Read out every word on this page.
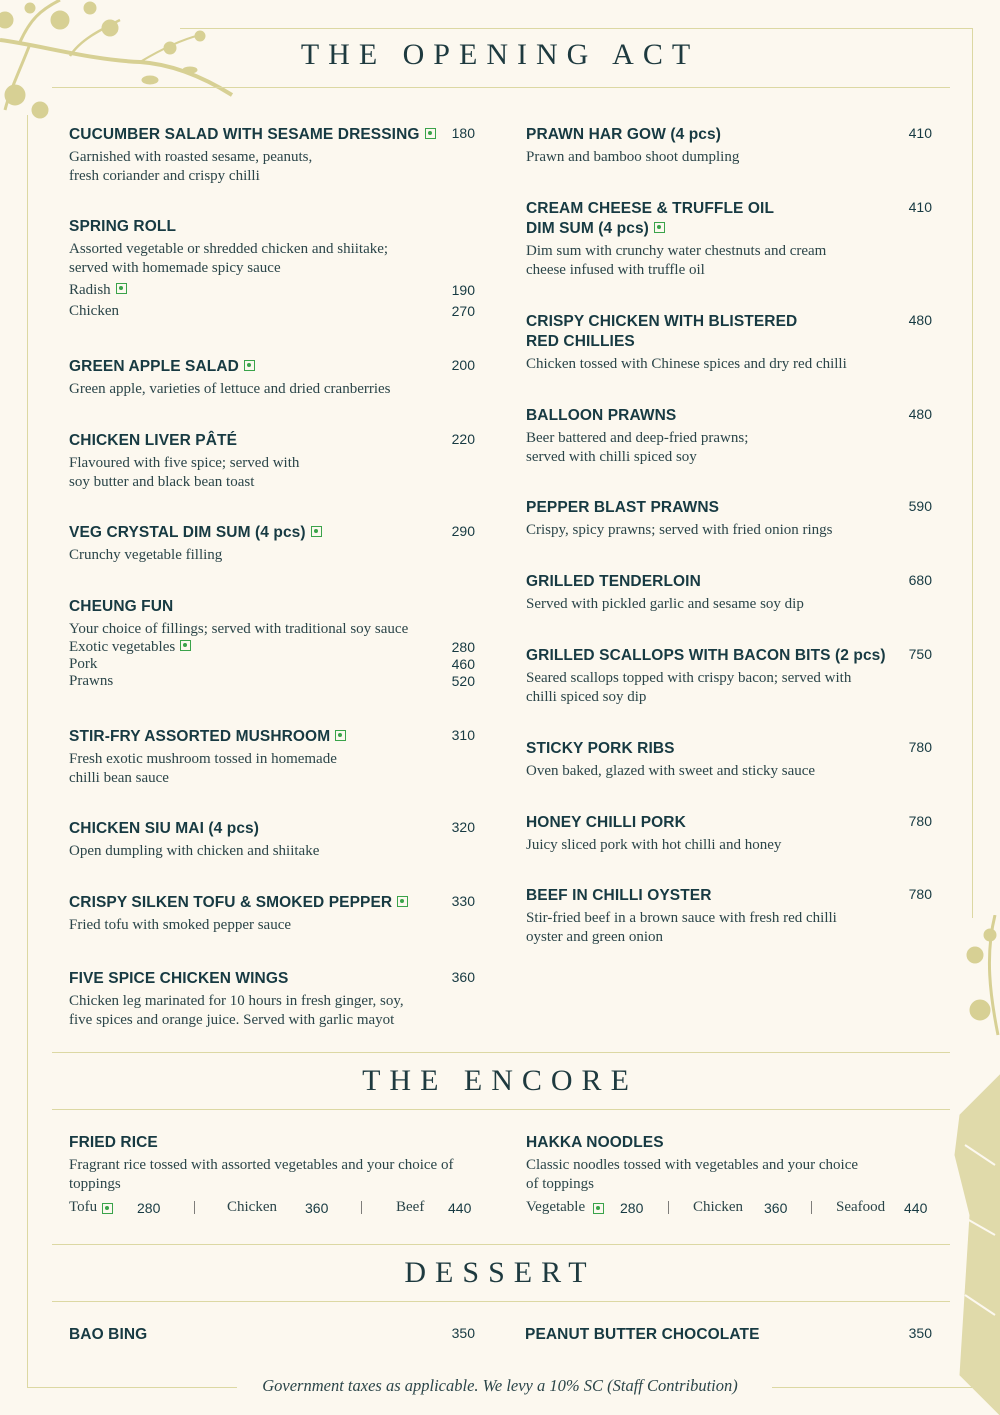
THE OPENING ACT
CUCUMBER SALAD WITH SESAME DRESSING	180
Garnished with roasted sesame, peanuts,
fresh coriander and crispy chilli
SPRING ROLL
Assorted vegetable or shredded chicken and shiitake;
served with homemade spicy sauce
Radish	190
Chicken	270
GREEN APPLE SALAD	200
Green apple, varieties of lettuce and dried cranberries
CHICKEN LIVER PÂTÉ	220
Flavoured with five spice; served with
soy butter and black bean toast
VEG CRYSTAL DIM SUM (4 pcs)	290
Crunchy vegetable filling
CHEUNG FUN
Your choice of fillings; served with traditional soy sauce
Exotic vegetables	280
Pork	460
Prawns	520
STIR-FRY ASSORTED MUSHROOM	310
Fresh exotic mushroom tossed in homemade
chilli bean sauce
CHICKEN SIU MAI (4 pcs)	320
Open dumpling with chicken and shiitake
CRISPY SILKEN TOFU & SMOKED PEPPER	330
Fried tofu with smoked pepper sauce
FIVE SPICE CHICKEN WINGS	360
Chicken leg marinated for 10 hours in fresh ginger, soy,
five spices and orange juice. Served with garlic mayot
PRAWN HAR GOW (4 pcs)	410
Prawn and bamboo shoot dumpling
CREAM CHEESE & TRUFFLE OIL
DIM SUM (4 pcs)
410
Dim sum with crunchy water chestnuts and cream
cheese infused with truffle oil
CRISPY CHICKEN WITH BLISTERED
RED CHILLIES
480
Chicken tossed with Chinese spices and dry red chilli
BALLOON PRAWNS	480
Beer battered and deep-fried prawns;
served with chilli spiced soy
PEPPER BLAST PRAWNS	590
Crispy, spicy prawns; served with fried onion rings
GRILLED TENDERLOIN	680
Served with pickled garlic and sesame soy dip
GRILLED SCALLOPS WITH BACON BITS (2 pcs)	750
Seared scallops topped with crispy bacon; served with
chilli spiced soy dip
STICKY PORK RIBS	780
Oven baked, glazed with sweet and sticky sauce
HONEY CHILLI PORK	780
Juicy sliced pork with hot chilli and honey
BEEF IN CHILLI OYSTER	780
Stir-fried beef in a brown sauce with fresh red chilli
oyster and green onion
THE ENCORE
FRIED RICE
Fragrant rice tossed with assorted vegetables and your choice of
toppings
Tofu	280 | Chicken 360 | Beef 440
HAKKA NOODLES
Classic noodles tossed with vegetables and your choice
of toppings
Vegetable 280 | Chicken 360 | Seafood 440
DESSERT
BAO BING	350	PEANUT BUTTER CHOCOLATE	350
Government taxes as applicable. We levy a 10% SC (Staff Contribution)
